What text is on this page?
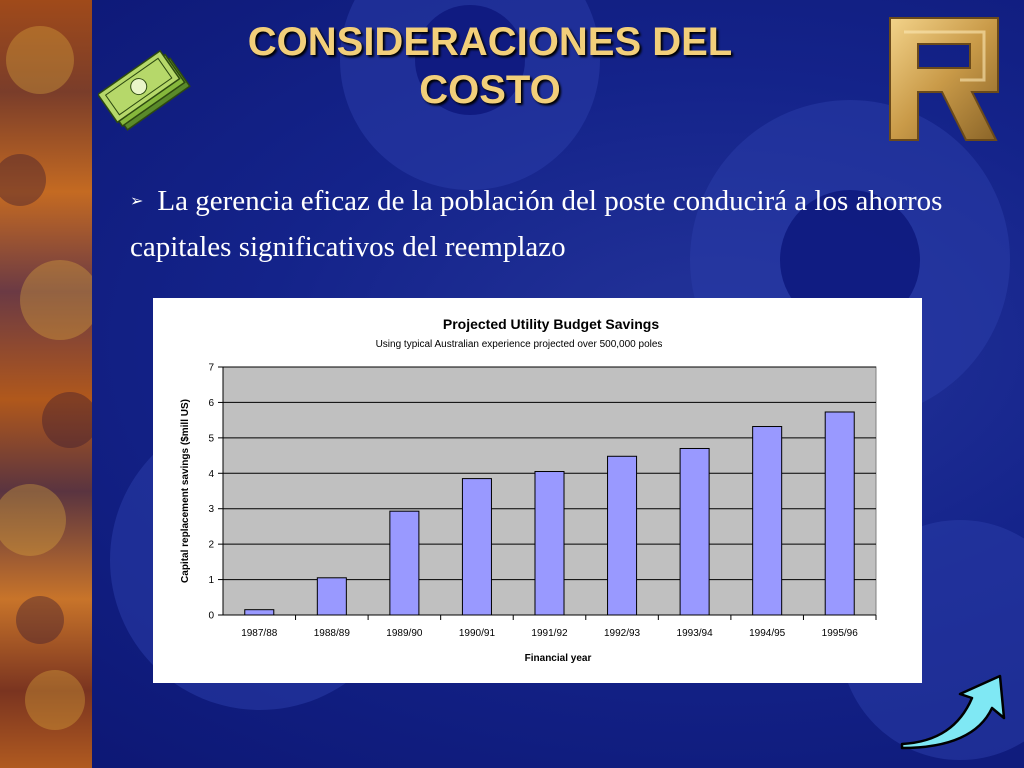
CONSIDERACIONES DEL COSTO

➢ La gerencia eficaz de la población del poste conducirá a los ahorros capitales significativos del reemplazo

Projected Utility Budget Savings
Using typical Australian experience projected over 500,000 poles
0
1
2
3
4
5
6
7
1987/88	1988/89	1989/90	1990/91	1991/92	1992/93	1993/94	1994/95	1995/96
Capital replacement savings ($mill US)
Financial year
